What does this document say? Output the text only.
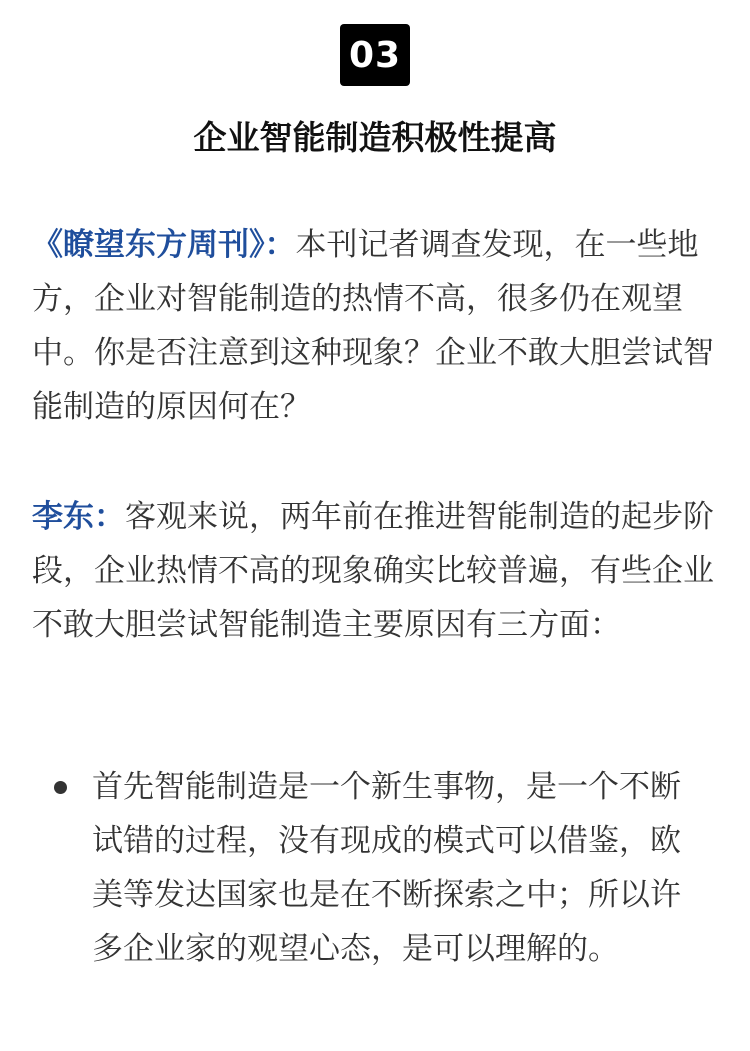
03
企业智能制造积极性提高

《瞭望东方周刊》：本刊记者调查发现，在一些地方，企业对智能制造的热情不高，很多仍在观望中。你是否注意到这种现象？企业不敢大胆尝试智能制造的原因何在？

李东：客观来说，两年前在推进智能制造的起步阶段，企业热情不高的现象确实比较普遍，有些企业不敢大胆尝试智能制造主要原因有三方面：

首先智能制造是一个新生事物，是一个不断试错的过程，没有现成的模式可以借鉴，欧美等发达国家也是在不断探索之中；所以许多企业家的观望心态，是可以理解的。
